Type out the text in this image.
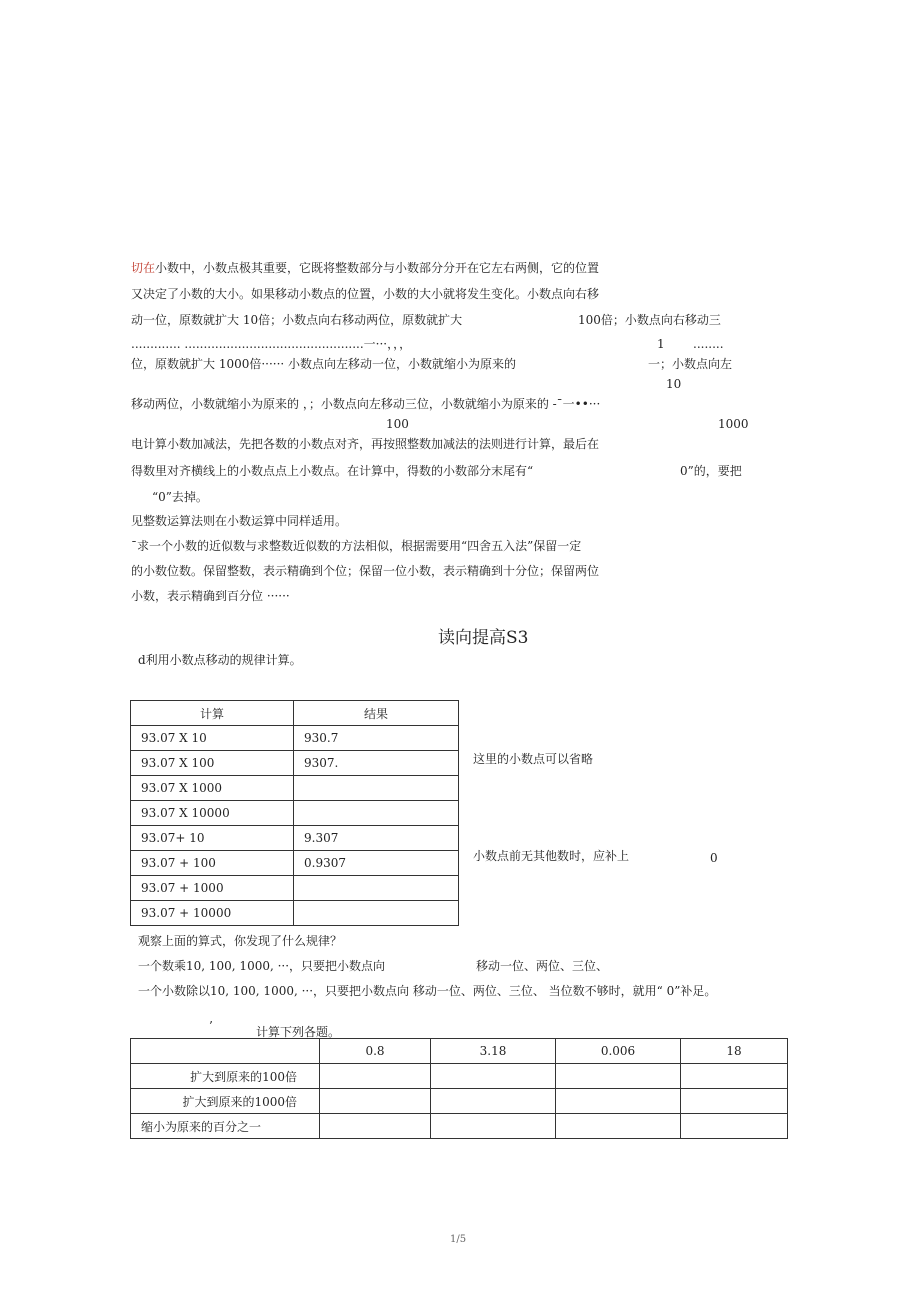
切在小数中，小数点极其重要，它既将整数部分与小数部分分开在它左右两侧，它的位置
又决定了小数的大小。如果移动小数点的位置，小数的大小就将发生变化。小数点向右移
动一位，原数就扩大 10倍；小数点向右移动两位，原数就扩大	100倍；小数点向右移动三
............. ...............................................一···，，，	1 ........
位，原数就扩大 1000倍······ 小数点向左移动一位，小数就缩小为原来的	一；小数点向左
10
移动两位，小数就缩小为原来的 ，；小数点向左移动三位，小数就缩小为原来的 -ˉ一••···
100	1000
电计算小数加减法，先把各数的小数点对齐，再按照整数加减法的法则进行计算，最后在
得数里对齐横线上的小数点点上小数点。在计算中，得数的小数部分末尾有“	0”的，要把
“0”去掉。
见整数运算法则在小数运算中同样适用。
ˉ求一个小数的近似数与求整数近似数的方法相似，根据需要用“四舍五入法”保留一定
的小数位数。保留整数，表示精确到个位；保留一位小数，表示精确到十分位；保留两位
小数，表示精确到百分位 ······
读向提高S3
d利用小数点移动的规律计算。
计算	结果
93.07 X 10	930.7
93.07 X 100	9307.
93.07 X 1000	
93.07 X 10000	
93.07+ 10	9.307
93.07 + 100	0.9307
93.07 + 1000	
93.07 + 10000	
这里的小数点可以省略
小数点前无其他数时，应补上	0
观察上面的算式，你发现了什么规律？
一个数乘10, 100, 1000, ···，只要把小数点向	移动一位、两位、三位、
一个小数除以10, 100, 1000, ···，只要把小数点向 移动一位、两位、三位、 当位数不够时，就用“ 0”补足。
’	计算下列各题。
	0.8	3.18	0.006	18
扩大到原来的100倍				
扩大到原来的1000倍				
缩小为原来的百分之一				
1/5
